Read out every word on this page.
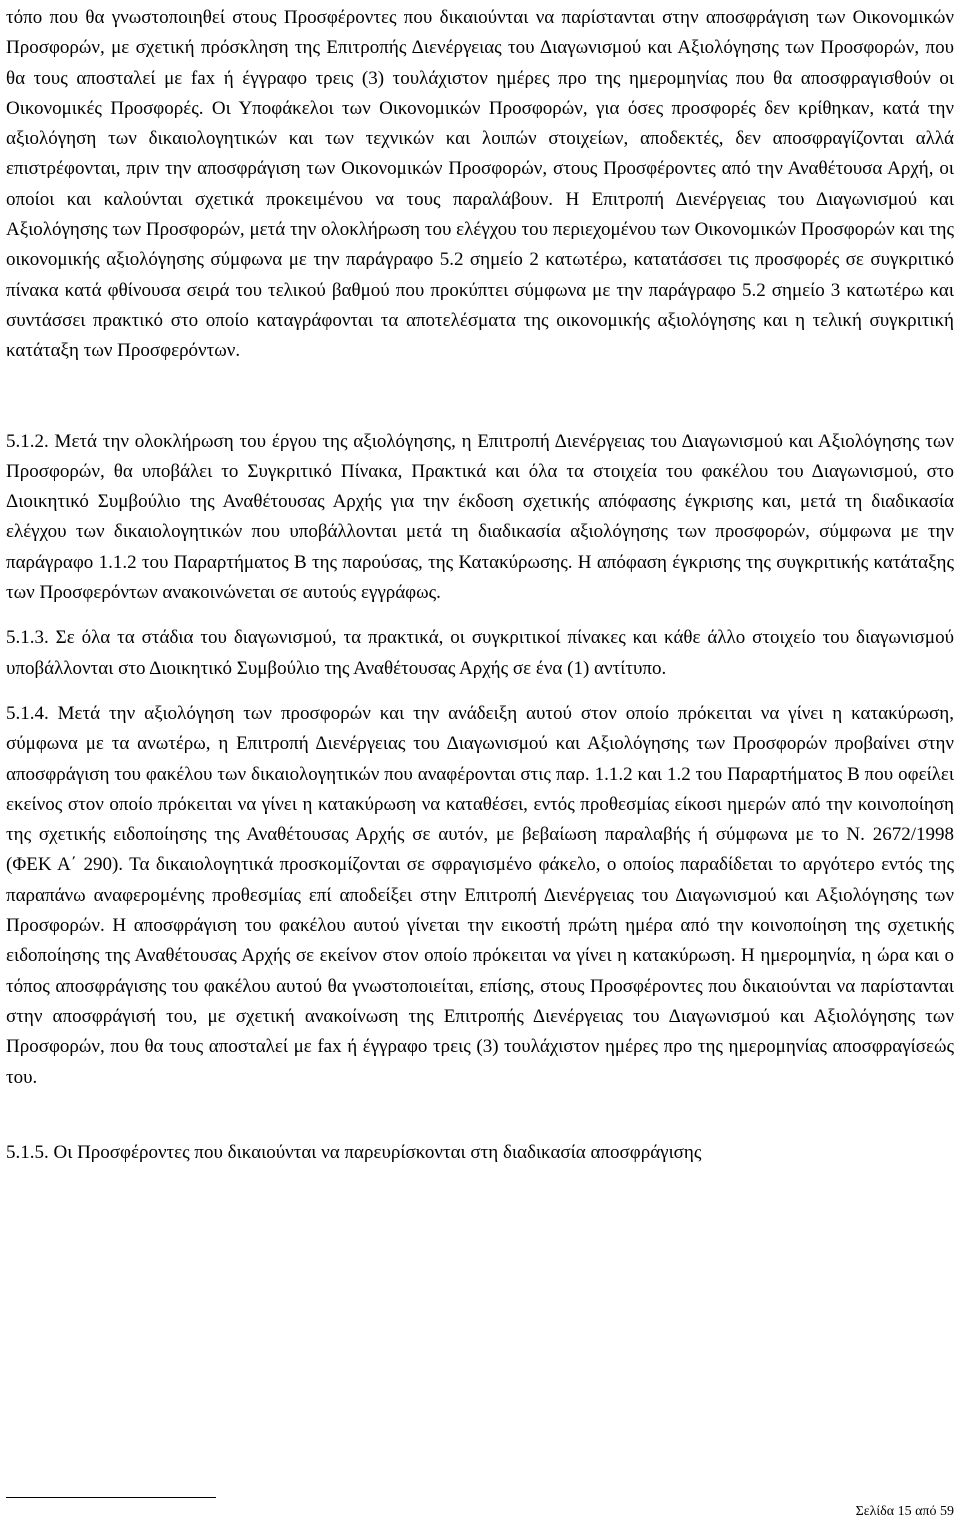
τόπο που θα γνωστοποιηθεί στους Προσφέροντες που δικαιούνται να παρίστανται στην αποσφράγιση των Οικονομικών Προσφορών, με σχετική πρόσκληση της Επιτροπής Διενέργειας του Διαγωνισμού και Αξιολόγησης των Προσφορών, που θα τους αποσταλεί με fax ή έγγραφο τρεις (3) τουλάχιστον ημέρες προ της ημερομηνίας που θα αποσφραγισθούν οι Οικονομικές Προσφορές. Οι Υποφάκελοι των Οικονομικών Προσφορών, για όσες προσφορές δεν κρίθηκαν, κατά την αξιολόγηση των δικαιολογητικών και των τεχνικών και λοιπών στοιχείων, αποδεκτές, δεν αποσφραγίζονται αλλά επιστρέφονται, πριν την αποσφράγιση των Οικονομικών Προσφορών, στους Προσφέροντες από την Αναθέτουσα Αρχή, οι οποίοι και καλούνται σχετικά προκειμένου να τους παραλάβουν. Η Επιτροπή Διενέργειας του Διαγωνισμού και Αξιολόγησης των Προσφορών, μετά την ολοκλήρωση του ελέγχου του περιεχομένου των Οικονομικών Προσφορών και της οικονομικής αξιολόγησης σύμφωνα με την παράγραφο 5.2 σημείο 2 κατωτέρω, κατατάσσει τις προσφορές σε συγκριτικό πίνακα κατά φθίνουσα σειρά του τελικού βαθμού που προκύπτει σύμφωνα με την παράγραφο 5.2 σημείο 3 κατωτέρω και συντάσσει πρακτικό στο οποίο καταγράφονται τα αποτελέσματα της οικονομικής αξιολόγησης και η τελική συγκριτική κατάταξη των Προσφερόντων.

5.1.2. Μετά την ολοκλήρωση του έργου της αξιολόγησης, η Επιτροπή Διενέργειας του Διαγωνισμού και Αξιολόγησης των Προσφορών, θα υποβάλει το Συγκριτικό Πίνακα, Πρακτικά και όλα τα στοιχεία του φακέλου του Διαγωνισμού, στο Διοικητικό Συμβούλιο της Αναθέτουσας Αρχής για την έκδοση σχετικής απόφασης έγκρισης και, μετά τη διαδικασία ελέγχου των δικαιολογητικών που υποβάλλονται μετά τη διαδικασία αξιολόγησης των προσφορών, σύμφωνα με την παράγραφο 1.1.2 του Παραρτήματος Β της παρούσας, της Κατακύρωσης. Η απόφαση έγκρισης της συγκριτικής κατάταξης των Προσφερόντων ανακοινώνεται σε αυτούς εγγράφως.

5.1.3. Σε όλα τα στάδια του διαγωνισμού, τα πρακτικά, οι συγκριτικοί πίνακες και κάθε άλλο στοιχείο του διαγωνισμού υποβάλλονται στο Διοικητικό Συμβούλιο της Αναθέτουσας Αρχής σε ένα (1) αντίτυπο.

5.1.4. Μετά την αξιολόγηση των προσφορών και την ανάδειξη αυτού στον οποίο πρόκειται να γίνει η κατακύρωση, σύμφωνα με τα ανωτέρω, η Επιτροπή Διενέργειας του Διαγωνισμού και Αξιολόγησης των Προσφορών προβαίνει στην αποσφράγιση του φακέλου των δικαιολογητικών που αναφέρονται στις παρ. 1.1.2 και 1.2 του Παραρτήματος Β που οφείλει εκείνος στον οποίο πρόκειται να γίνει η κατακύρωση να καταθέσει, εντός προθεσμίας είκοσι ημερών από την κοινοποίηση της σχετικής ειδοποίησης της Αναθέτουσας Αρχής σε αυτόν, με βεβαίωση παραλαβής ή σύμφωνα με το Ν. 2672/1998 (ΦΕΚ Α΄ 290). Τα δικαιολογητικά προσκομίζονται σε σφραγισμένο φάκελο, ο οποίος παραδίδεται το αργότερο εντός της παραπάνω αναφερομένης προθεσμίας επί αποδείξει στην Επιτροπή Διενέργειας του Διαγωνισμού και Αξιολόγησης των Προσφορών. Η αποσφράγιση του φακέλου αυτού γίνεται την εικοστή πρώτη ημέρα από την κοινοποίηση της σχετικής ειδοποίησης της Αναθέτουσας Αρχής σε εκείνον στον οποίο πρόκειται να γίνει η κατακύρωση. Η ημερομηνία, η ώρα και ο τόπος αποσφράγισης του φακέλου αυτού θα γνωστοποιείται, επίσης, στους Προσφέροντες που δικαιούνται να παρίστανται στην αποσφράγισή του, με σχετική ανακοίνωση της Επιτροπής Διενέργειας του Διαγωνισμού και Αξιολόγησης των Προσφορών, που θα τους αποσταλεί με fax ή έγγραφο τρεις (3) τουλάχιστον ημέρες προ της ημερομηνίας αποσφραγίσεώς του.

5.1.5. Οι Προσφέροντες που δικαιούνται να παρευρίσκονται στη διαδικασία αποσφράγισης

Σελίδα 15 από 59
